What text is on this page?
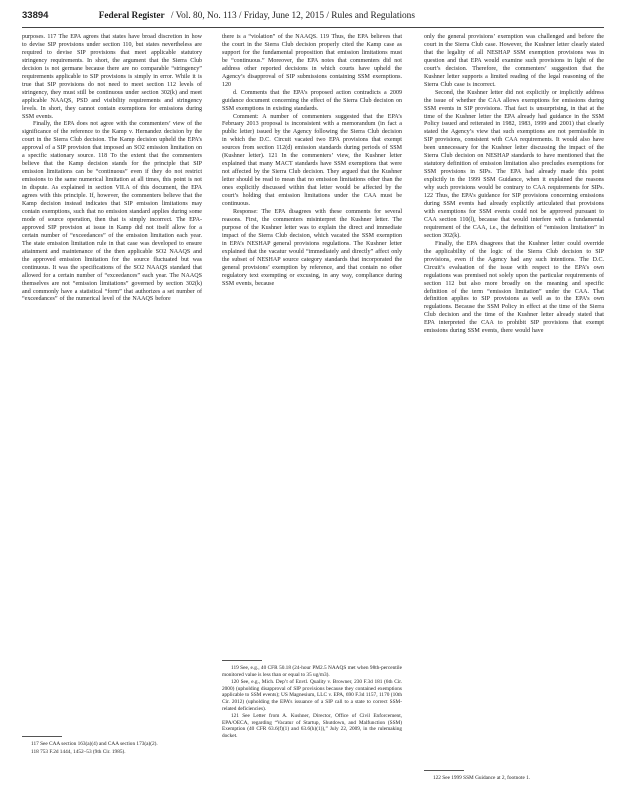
33894	Federal Register / Vol. 80, No. 113 / Friday, June 12, 2015 / Rules and Regulations

purposes. 117 The EPA agrees that states have broad discretion in how to devise SIP provisions under section 110, but states nevertheless are required to devise SIP provisions that meet applicable statutory stringency requirements. In short, the argument that the Sierra Club decision is not germane because there are no comparable “stringency” requirements applicable to SIP provisions is simply in error. While it is true that SIP provisions do not need to meet section 112 levels of stringency, they must still be continuous under section 302(k) and meet applicable NAAQS, PSD and visibility requirements and stringency levels. In short, they cannot contain exemptions for emissions during SSM events.

Finally, the EPA does not agree with the commenters’ view of the significance of the reference to the Kamp v. Hernandez decision by the court in the Sierra Club decision. The Kamp decision upheld the EPA’s approval of a SIP provision that imposed an SO2 emission limitation on a specific stationary source. 118 To the extent that the commenters believe that the Kamp decision stands for the principle that SIP emission limitations can be “continuous” even if they do not restrict emissions to the same numerical limitation at all times, this point is not in dispute. As explained in section VII.A of this document, the EPA agrees with this principle. If, however, the commenters believe that the Kamp decision instead indicates that SIP emission limitations may contain exemptions, such that no emission standard applies during some mode of source operation, then that is simply incorrect. The EPA-approved SIP provision at issue in Kamp did not itself allow for a certain number of “exceedances” of the emission limitation each year. The state emission limitation rule in that case was developed to ensure attainment and maintenance of the then applicable SO2 NAAQS and the approved emission limitation for the source fluctuated but was continuous. It was the specifications of the SO2 NAAQS standard that allowed for a certain number of “exceedances” each year. The NAAQS themselves are not “emission limitations” governed by section 302(k) and commonly have a statistical “form” that authorizes a set number of “exceedances” of the numerical level of the NAAQS before

there is a “violation” of the NAAQS. 119 Thus, the EPA believes that the court in the Sierra Club decision properly cited the Kamp case as support for the fundamental proposition that emission limitations must be “continuous.” Moreover, the EPA notes that commenters did not address other reported decisions in which courts have upheld the Agency’s disapproval of SIP submissions containing SSM exemptions. 120

d. Comments that the EPA’s proposed action contradicts a 2009 guidance document concerning the effect of the Sierra Club decision on SSM exemptions in existing standards.

Comment: A number of commenters suggested that the EPA’s February 2013 proposal is inconsistent with a memorandum (in fact a public letter) issued by the Agency following the Sierra Club decision in which the D.C. Circuit vacated two EPA provisions that exempt sources from section 112(d) emission standards during periods of SSM (Kushner letter). 121 In the commenters’ view, the Kushner letter explained that many MACT standards have SSM exemptions that were not affected by the Sierra Club decision. They argued that the Kushner letter should be read to mean that no emission limitations other than the ones explicitly discussed within that letter would be affected by the court’s holding that emission limitations under the CAA must be continuous.

Response: The EPA disagrees with these comments for several reasons. First, the commenters misinterpret the Kushner letter. The purpose of the Kushner letter was to explain the direct and immediate impact of the Sierra Club decision, which vacated the SSM exemption in EPA’s NESHAP general provisions regulations. The Kushner letter explained that the vacatur would “immediately and directly” affect only the subset of NESHAP source category standards that incorporated the general provisions’ exemption by reference, and that contain no other regulatory text exempting or excusing, in any way, compliance during SSM events, because

only the general provisions’ exemption was challenged and before the court in the Sierra Club case. However, the Kushner letter clearly stated that the legality of all NESHAP SSM exemption provisions was in question and that EPA would examine such provisions in light of the court’s decision. Therefore, the commenters’ suggestion that the Kushner letter supports a limited reading of the legal reasoning of the Sierra Club case is incorrect.

Second, the Kushner letter did not explicitly or implicitly address the issue of whether the CAA allows exemptions for emissions during SSM events in SIP provisions. That fact is unsurprising, in that at the time of the Kushner letter the EPA already had guidance in the SSM Policy issued and reiterated in 1982, 1983, 1999 and 2001) that clearly stated the Agency’s view that such exemptions are not permissible in SIP provisions, consistent with CAA requirements. It would also have been unnecessary for the Kushner letter discussing the impact of the Sierra Club decision on NESHAP standards to have mentioned that the statutory definition of emission limitation also precludes exemptions for SSM provisions in SIPs. The EPA had already made this point explicitly in the 1999 SSM Guidance, when it explained the reasons why such provisions would be contrary to CAA requirements for SIPs. 122 Thus, the EPA’s guidance for SIP provisions concerning emissions during SSM events had already explicitly articulated that provisions with exemptions for SSM events could not be approved pursuant to CAA section 110(l), because that would interfere with a fundamental requirement of the CAA, i.e., the definition of “emission limitation” in section 302(k).

Finally, the EPA disagrees that the Kushner letter could override the applicability of the logic of the Sierra Club decision to SIP provisions, even if the Agency had any such intentions. The D.C. Circuit’s evaluation of the issue with respect to the EPA’s own regulations was premised not solely upon the particular requirements of section 112 but also more broadly on the meaning and specific definition of the term “emission limitation” under the CAA. That definition applies to SIP provisions as well as to the EPA’s own regulations. Because the SSM Policy in effect at the time of the Sierra Club decision and the time of the Kushner letter already stated that EPA interpreted the CAA to prohibit SIP provisions that exempt emissions during SSM events, there would have

117 See CAA section 163(a)(4) and CAA section 173(a)(2).

118 753 F.2d 1444, 1452–53 (9th Cir. 1985).

119 See, e.g., 40 CFR 50.18 (24-hour PM2.5 NAAQS met when 98th-percentile monitored value is less than or equal to 35 ug/m3).

120 See, e.g., Mich. Dep’t of Envtl. Quality v. Browner, 230 F.3d 181 (6th Cir. 2000) (upholding disapproval of SIP provisions because they contained exemptions applicable to SSM events); US Magnesium, LLC v. EPA, 690 F.3d 1157, 1170 (10th Cir. 2012) (upholding the EPA’s issuance of a SIP call to a state to correct SSM-related deficiencies).

121 See Letter from A. Kushner, Director, Office of Civil Enforcement, EPA/OECA, regarding “Vacatur of Startup, Shutdown, and Malfunction (SSM) Exemption (40 CFR 63.6(f)(1) and 63.6(h)(1)),” July 22, 2009, in the rulemaking docket.

122 See 1999 SSM Guidance at 2, footnote 1.
